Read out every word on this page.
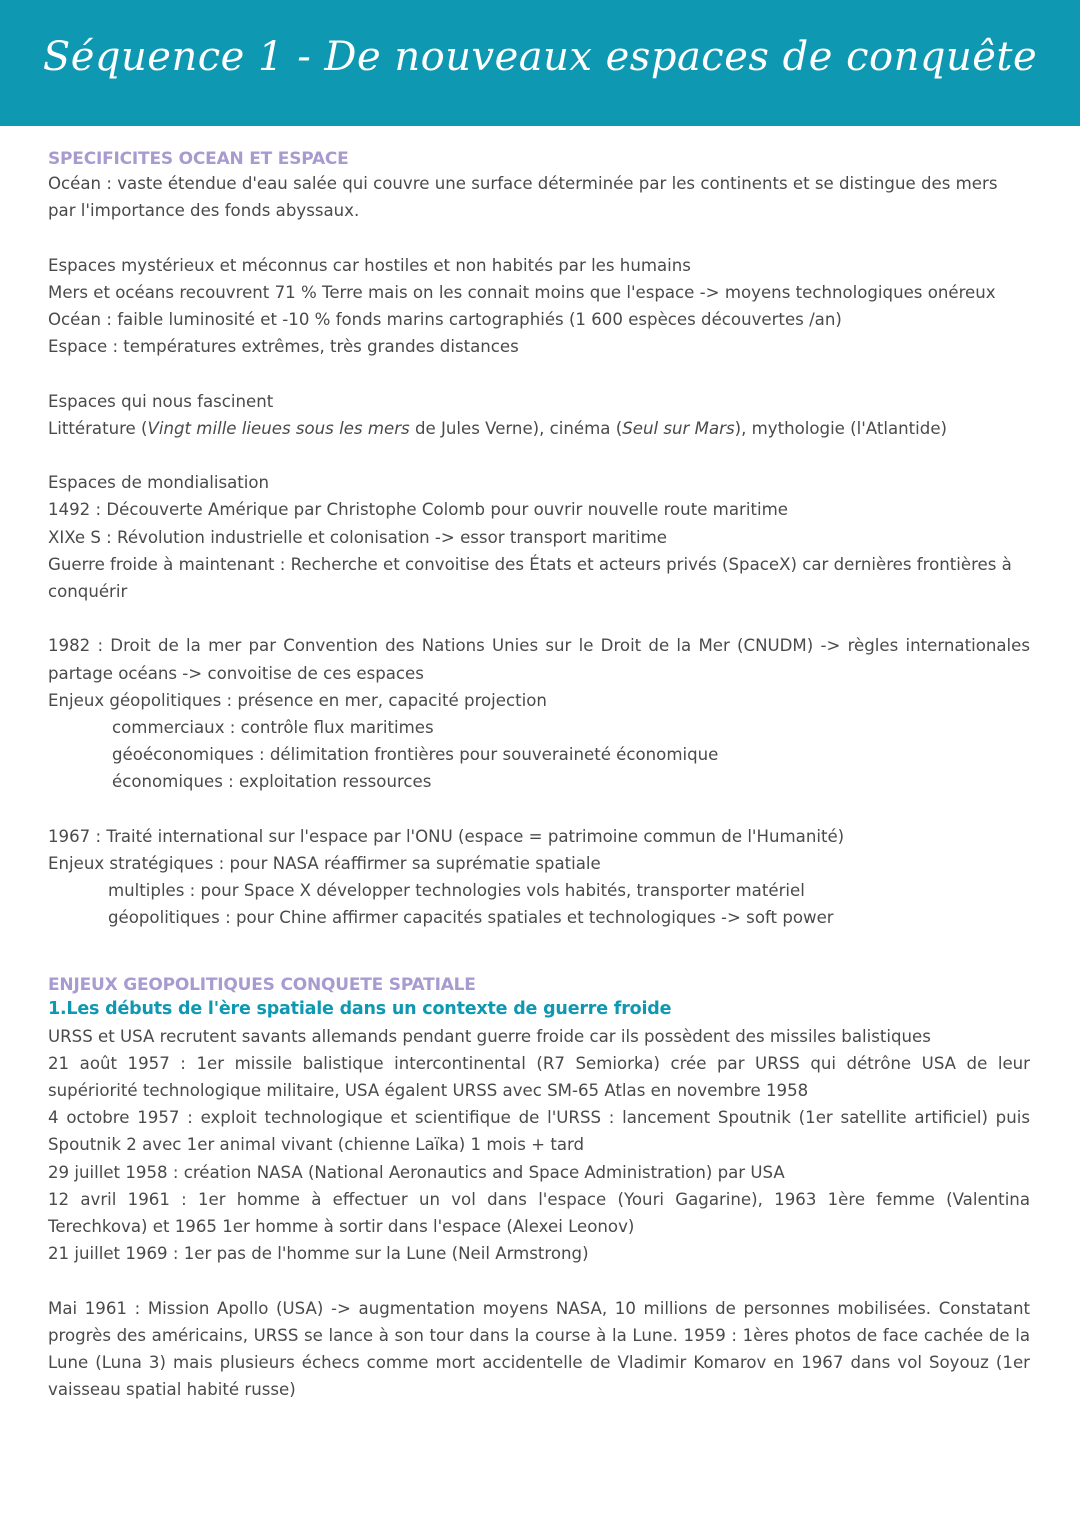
Séquence 1 - De nouveaux espaces de conquête
SPECIFICITES OCEAN ET ESPACE

Océan : vaste étendue d'eau salée qui couvre une surface déterminée par les continents et se distingue des mers par l'importance des fonds abyssaux.

Espaces mystérieux et méconnus car hostiles et non habités par les humains
Mers et océans recouvrent 71 % Terre mais on les connait moins que l'espace -> moyens technologiques onéreux
Océan : faible luminosité et -10 % fonds marins cartographiés (1 600 espèces découvertes /an)
Espace : températures extrêmes, très grandes distances
Espaces qui nous fascinent
Littérature (Vingt mille lieues sous les mers de Jules Verne), cinéma (Seul sur Mars), mythologie (l'Atlantide)
Espaces de mondialisation
1492 : Découverte Amérique par Christophe Colomb pour ouvrir nouvelle route maritime
XIXe S : Révolution industrielle et colonisation -> essor transport maritime

Guerre froide à maintenant : Recherche et convoitise des États et acteurs privés (SpaceX) car dernières frontières à conquérir

1982 : Droit de la mer par Convention des Nations Unies sur le Droit de la Mer (CNUDM) -> règles internationales partage océans -> convoitise de ces espaces

Enjeux géopolitiques : présence en mer, capacité projection
commerciaux : contrôle flux maritimes
géoéconomiques : délimitation frontières pour souveraineté économique
économiques : exploitation ressources
1967 : Traité international sur l'espace par l'ONU (espace = patrimoine commun de l'Humanité)
Enjeux stratégiques : pour NASA réaffirmer sa suprématie spatiale
multiples : pour Space X développer technologies vols habités, transporter matériel
géopolitiques : pour Chine affirmer capacités spatiales et technologiques -> soft power
ENJEUX GEOPOLITIQUES CONQUETE SPATIALE
1.Les débuts de l'ère spatiale dans un contexte de guerre froide
URSS et USA recrutent savants allemands pendant guerre froide car ils possèdent des missiles balistiques

21 août 1957 : 1er missile balistique intercontinental (R7 Semiorka) crée par URSS qui détrône USA de leur supériorité technologique militaire, USA égalent URSS avec SM-65 Atlas en novembre 1958

4 octobre 1957 : exploit technologique et scientifique de l'URSS : lancement Spoutnik (1er satellite artificiel) puis Spoutnik 2 avec 1er animal vivant (chienne Laïka) 1 mois + tard

29 juillet 1958 : création NASA (National Aeronautics and Space Administration) par USA

12 avril 1961 : 1er homme à effectuer un vol dans l'espace (Youri Gagarine), 1963 1ère femme (Valentina Terechkova) et 1965 1er homme à sortir dans l'espace (Alexei Leonov)

21 juillet 1969 : 1er pas de l'homme sur la Lune (Neil Armstrong)

Mai 1961 : Mission Apollo (USA) -> augmentation moyens NASA, 10 millions de personnes mobilisées. Constatant progrès des américains, URSS se lance à son tour dans la course à la Lune. 1959 : 1ères photos de face cachée de la Lune (Luna 3) mais plusieurs échecs comme mort accidentelle de Vladimir Komarov en 1967 dans vol Soyouz (1er vaisseau spatial habité russe)
